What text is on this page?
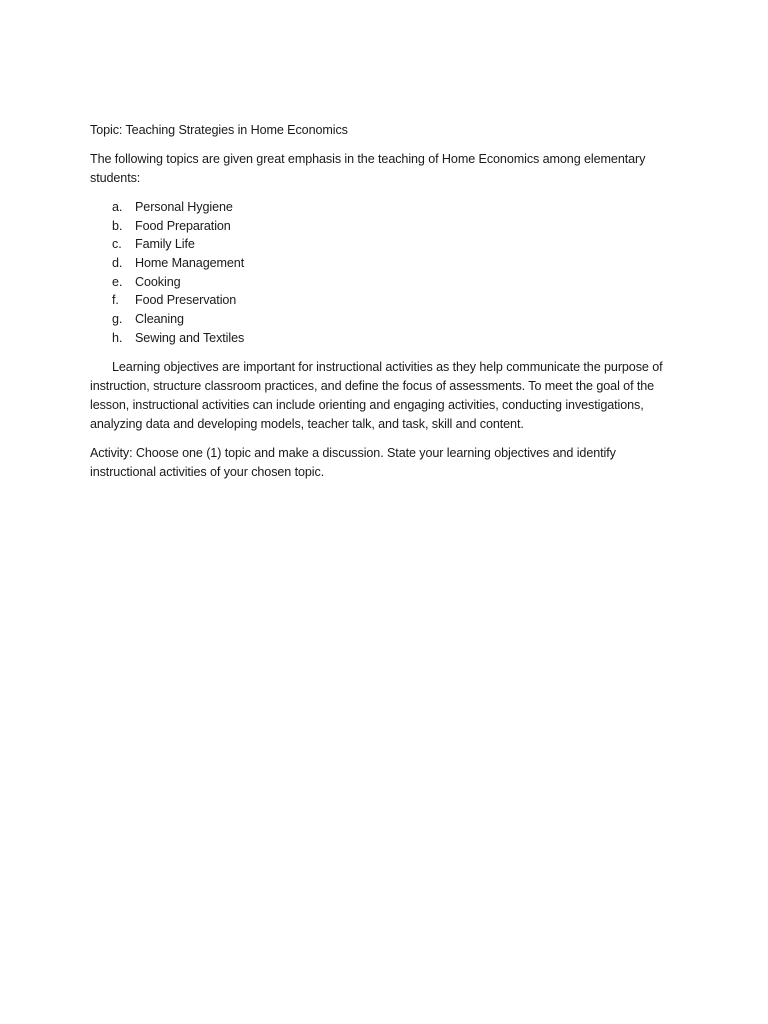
Topic: Teaching Strategies in Home Economics

The following topics are given great emphasis in the teaching of Home Economics among elementary students:

a. Personal Hygiene
b. Food Preparation
c. Family Life
d. Home Management
e. Cooking
f. Food Preservation
g. Cleaning
h. Sewing and Textiles

Learning objectives are important for instructional activities as they help communicate the purpose of instruction, structure classroom practices, and define the focus of assessments. To meet the goal of the lesson, instructional activities can include orienting and engaging activities, conducting investigations, analyzing data and developing models, teacher talk, and task, skill and content.

Activity: Choose one (1) topic and make a discussion. State your learning objectives and identify instructional activities of your chosen topic.
